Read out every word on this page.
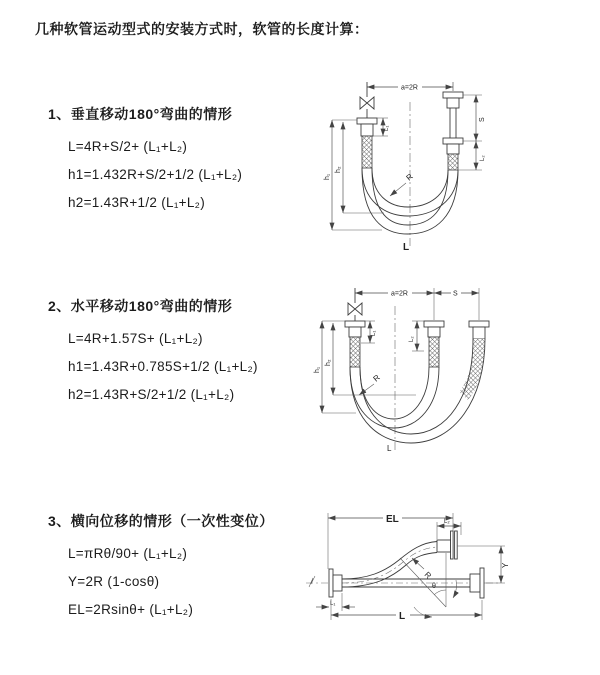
几种软管运动型式的安装方式时，软管的长度计算：
1、垂直移动180°弯曲的情形
L=4R+S/2+ (L₁+L₂)
h1=1.432R+S/2+1/2 (L₁+L₂)
h2=1.43R+1/2 (L₁+L₂)
2、水平移动180°弯曲的情形
L=4R+1.57S+ (L₁+L₂)
h1=1.43R+0.785S+1/2 (L₁+L₂)
h2=1.43R+S/2+1/2 (L₁+L₂)
3、横向位移的情形（一次性变位）
L=πRθ/90+ (L₁+L₂)
Y=2R (1-cosθ)
EL=2Rsinθ+ (L₁+L₂)
a=2R
R
h₁
h₂
L₁
S
L₂
L
a=2R	S
R
h₁
h₂
L₁
L₂
L
EL	L₂
Y
θ
R
L₁
L
